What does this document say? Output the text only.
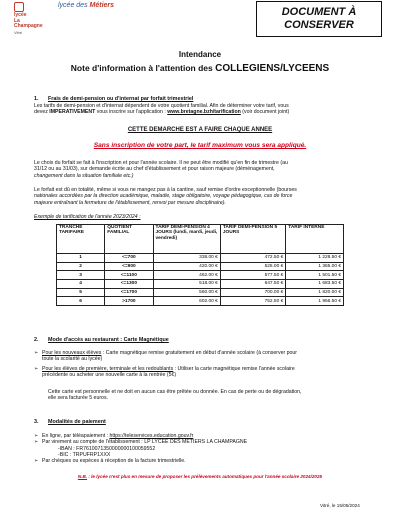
lycée
La Champagne
Vitré
lycée des Métiers
DOCUMENT À
CONSERVER
Intendance
Note d'information à l'attention des COLLEGIENS/LYCEENS
1. Frais de demi-pension ou d'internat par forfait trimestriel
Les tarifs de demi-pension et d'internat dépendent de votre quotient familial. Afin de déterminer votre tarif, vous
devez IMPERATIVEMENT vous inscrire sur l'application : www.bretagne.bzh/tarification (voir document joint)
CETTE DEMARCHE EST A FAIRE CHAQUE ANNEE
Sans inscription de votre part, le tarif maximum vous sera appliqué.
Le choix du forfait se fait à l'inscription et pour l'année scolaire. Il ne peut être modifié qu'en fin de trimestre (au
31/12 ou au 31/03), sur demande écrite au chef d'établissement et pour raison majeure (déménagement,
changement dans la situation familiale etc.)
Le forfait est dû en totalité, même si vous ne mangez pas à la cantine, sauf remise d'ordre exceptionnelle (bourses
nationales accordées par la direction académique, maladie, stage obligatoire, voyage pédagogique, cas de force
majeure entraînant la fermeture de l'établissement, renvoi par mesure disciplinaire).
Exemple de tarification de l'année 2023/2024 :
TRANCHE TARIFAIRE	QUOTIENT FAMILIAL	TARIF DEMI-PENSION 4 JOURS (lundi, mardi, jeudi, vendredi)	TARIF DEMI-PENSION 5 JOURS	TARIF INTERNE
1	<=700	338.00 €	472.50 €	1 228.50 €
2	<=900	420.00 €	525.00 €	1 365.00 €
3	<=1100	462.00 €	577.50 €	1 501.50 €
4	<=1300	518.00 €	647.50 €	1 683.50 €
5	<=1700	560.00 €	700.00 €	1 820.00 €
6	>1700	602.00 €	752.50 €	1 956.50 €
2. Mode d'accès au restaurant : Carte Magnétique
➢ Pour les nouveaux élèves : Carte magnétique remise gratuitement en début d'année scolaire (à conserver pour
toute la scolarité au lycée)
➢ Pour les élèves de première, terminale et les redoublants : Utiliser la carte magnétique remise l'année scolaire
précédente ou acheter une nouvelle carte à la rentrée (5€)
Cette carte est personnelle et ne doit en aucun cas être prêtée ou donnée. En cas de perte ou de dégradation,
elle sera facturée 5 euros.
3. Modalités de paiement
➢ En ligne, par téléapaiement : https://teleservices.education.gouv.fr
➢ Par virement au compte de l'établissement : LP LYCEE DES METIERS LA CHAMPAGNE
-IBAN : FR7610071350000000100059552
-BIC : TRPUFRP1XXX
➢ Par chèques ou espèces à réception de la facture trimestrielle.
N.B. : le lycée n'est plus en mesure de proposer les prélèvements automatiques pour l'année scolaire 2024/2025
Vitré, le 15/05/2024
